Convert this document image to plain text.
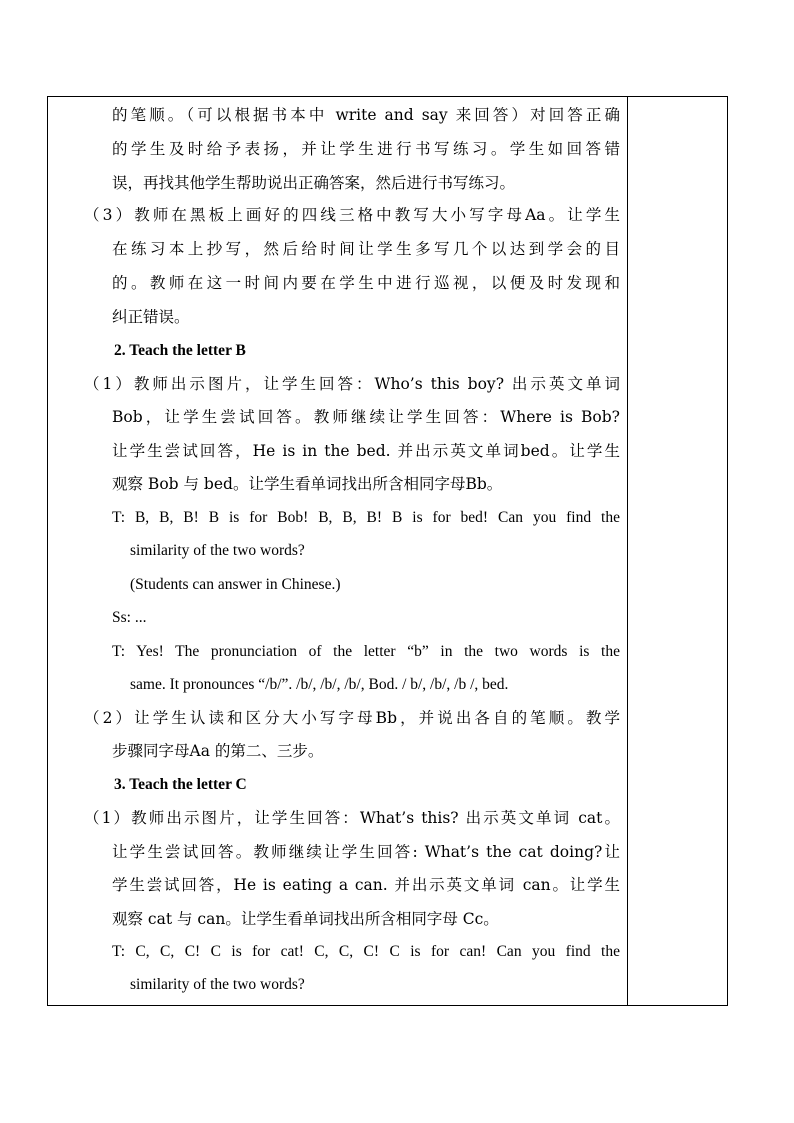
的笔顺。（可以根据书本中 write and say 来回答）对回答正确
的学生及时给予表扬，并让学生进行书写练习。学生如回答错
误，再找其他学生帮助说出正确答案，然后进行书写练习。
（3）教师在黑板上画好的四线三格中教写大小写字母Aa。让学生
在练习本上抄写，然后给时间让学生多写几个以达到学会的目
的。教师在这一时间内要在学生中进行巡视，以便及时发现和
纠正错误。
2. Teach the letter B
（1）教师出示图片，让学生回答：Who’s this boy? 出示英文单词
Bob，让学生尝试回答。教师继续让学生回答：Where is Bob?
让学生尝试回答，He is in the bed. 并出示英文单词bed。让学生
观察 Bob 与 bed。让学生看单词找出所含相同字母Bb。
T: B, B, B! B is for Bob! B, B, B! B is for bed! Can you find the
similarity of the two words?
(Students can answer in Chinese.)
Ss: ...
T: Yes! The pronunciation of the letter “b” in the two words is the
same. It pronounces “/b/”. /b/, /b/, /b/, Bod. / b/, /b/, /b /, bed.
（2）让学生认读和区分大小写字母Bb，并说出各自的笔顺。教学
步骤同字母Aa 的第二、三步。
3. Teach the letter C
（1）教师出示图片，让学生回答：What’s this? 出示英文单词 cat。
让学生尝试回答。教师继续让学生回答: What’s the cat doing?让
学生尝试回答，He is eating a can. 并出示英文单词 can。让学生
观察 cat 与 can。让学生看单词找出所含相同字母 Cc。
T: C, C, C! C is for cat! C, C, C! C is for can! Can you find the
similarity of the two words?
